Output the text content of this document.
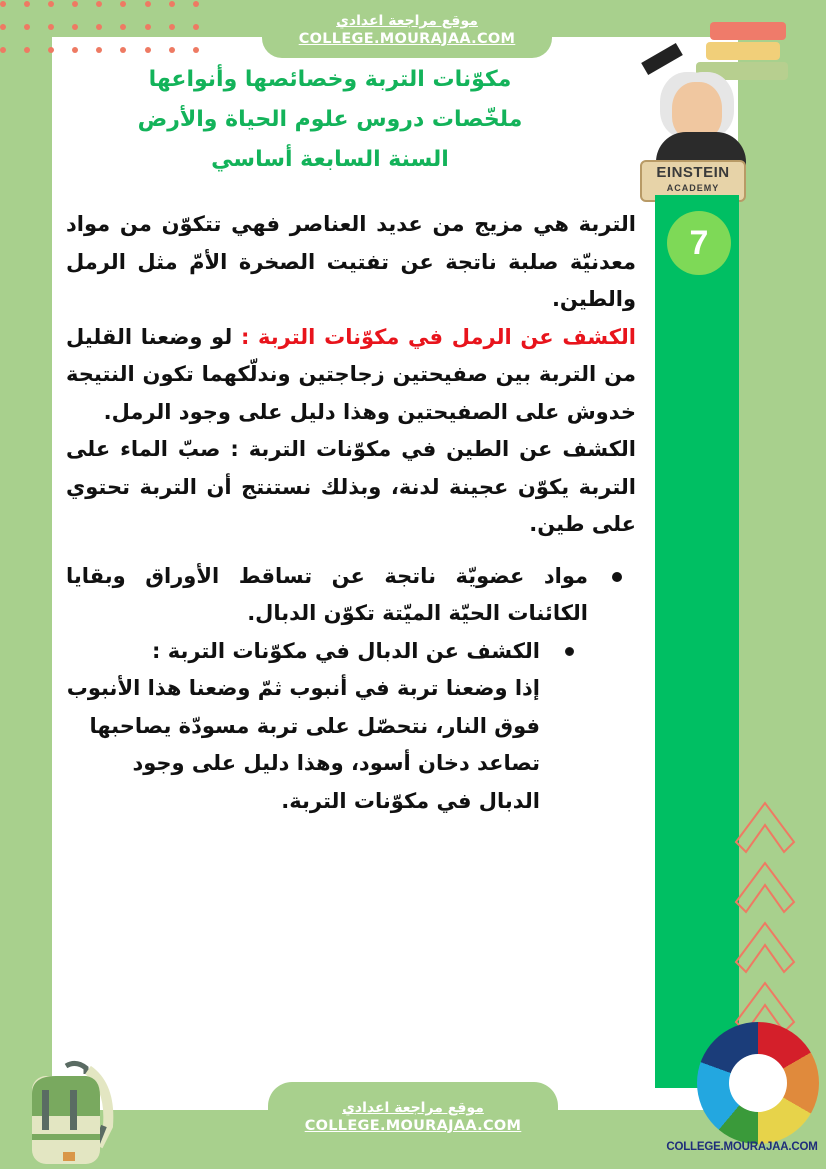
موقع مراجعة اعدادي
COLLEGE.MOURAJAA.COM
مكوّنات التربة وخصائصها وأنواعها
ملخّصات دروس علوم الحياة والأرض
السنة السابعة أساسي
EINSTEIN
ACADEMY
7

التربة هي مزيج من عديد العناصر فهي تتكوّن من مواد معدنيّة صلبة ناتجة عن تفتيت الصخرة الأمّ مثل الرمل والطين.

الكشف عن الرمل في مكوّنات التربة : لو وضعنا القليل من التربة بين صفيحتين زجاجتين وندلّكهما تكون النتيجة خدوش على الصفيحتين وهذا دليل على وجود الرمل.

الكشف عن الطين في مكوّنات التربة : صبّ الماء على التربة يكوّن عجينة لدنة، وبذلك نستنتج أن التربة تحتوي على طين.

مواد عضويّة ناتجة عن تساقط الأوراق وبقايا الكائنات الحيّة الميّتة تكوّن الدبال.
الكشف عن الدبال في مكوّنات التربة :
إذا وضعنا تربة في أنبوب ثمّ وضعنا هذا الأنبوب فوق النار، نتحصّل على تربة مسودّة يصاحبها تصاعد دخان أسود، وهذا دليل على وجود الدبال في مكوّنات التربة.
موقع مراجعة اعدادي
COLLEGE.MOURAJAA.COM
COLLEGE.MOURAJAA.COM
